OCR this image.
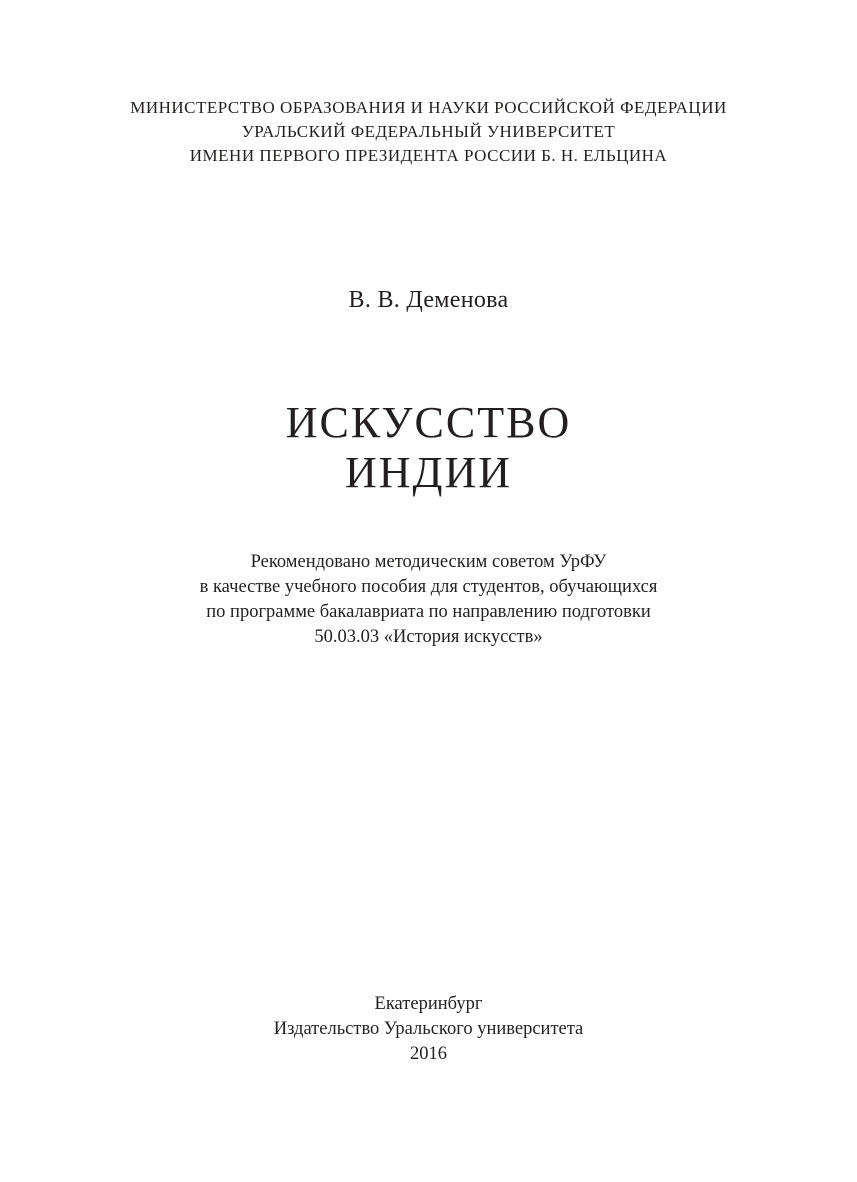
МИНИСТЕРСТВО ОБРАЗОВАНИЯ И НАУКИ РОССИЙСКОЙ ФЕДЕРАЦИИ
УРАЛЬСКИЙ ФЕДЕРАЛЬНЫЙ УНИВЕРСИТЕТ
ИМЕНИ ПЕРВОГО ПРЕЗИДЕНТА РОССИИ Б. Н. ЕЛЬЦИНА
В. В. Деменова
ИСКУССТВО
ИНДИИ
Рекомендовано методическим советом УрФУ
в качестве учебного пособия для студентов, обучающихся
по программе бакалавриата по направлению подготовки
50.03.03 «История искусств»
Екатеринбург
Издательство Уральского университета
2016
